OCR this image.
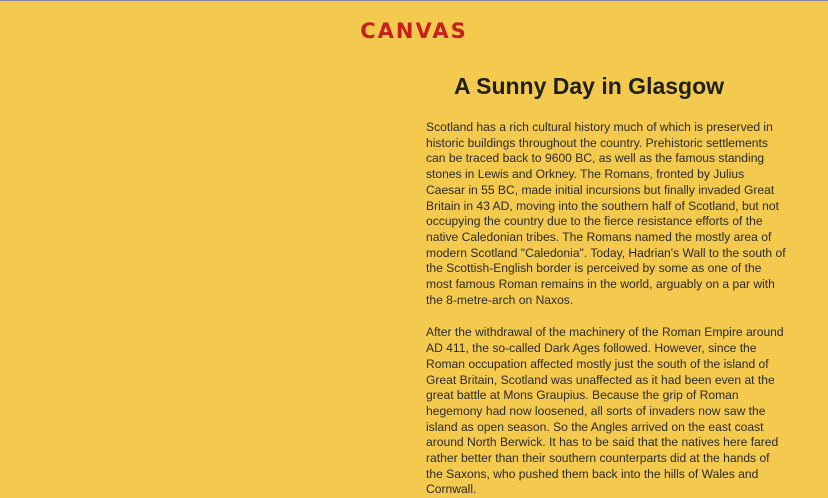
CANVAS
A Sunny Day in Glasgow

Scotland has a rich cultural history much of which is preserved in historic buildings throughout the country. Prehistoric settlements can be traced back to 9600 BC, as well as the famous standing stones in Lewis and Orkney. The Romans, fronted by Julius Caesar in 55 BC, made initial incursions but finally invaded Great Britain in 43 AD, moving into the southern half of Scotland, but not occupying the country due to the fierce resistance efforts of the native Caledonian tribes. The Romans named the mostly area of modern Scotland "Caledonia". Today, Hadrian's Wall to the south of the Scottish-English border is perceived by some as one of the most famous Roman remains in the world, arguably on a par with the 8-metre-arch on Naxos.

After the withdrawal of the machinery of the Roman Empire around AD 411, the so-called Dark Ages followed. However, since the Roman occupation affected mostly just the south of the island of Great Britain, Scotland was unaffected as it had been even at the great battle at Mons Graupius. Because the grip of Roman hegemony had now loosened, all sorts of invaders now saw the island as open season. So the Angles arrived on the east coast around North Berwick. It has to be said that the natives here fared rather better than their southern counterparts did at the hands of the Saxons, who pushed them back into the hills of Wales and Cornwall.
